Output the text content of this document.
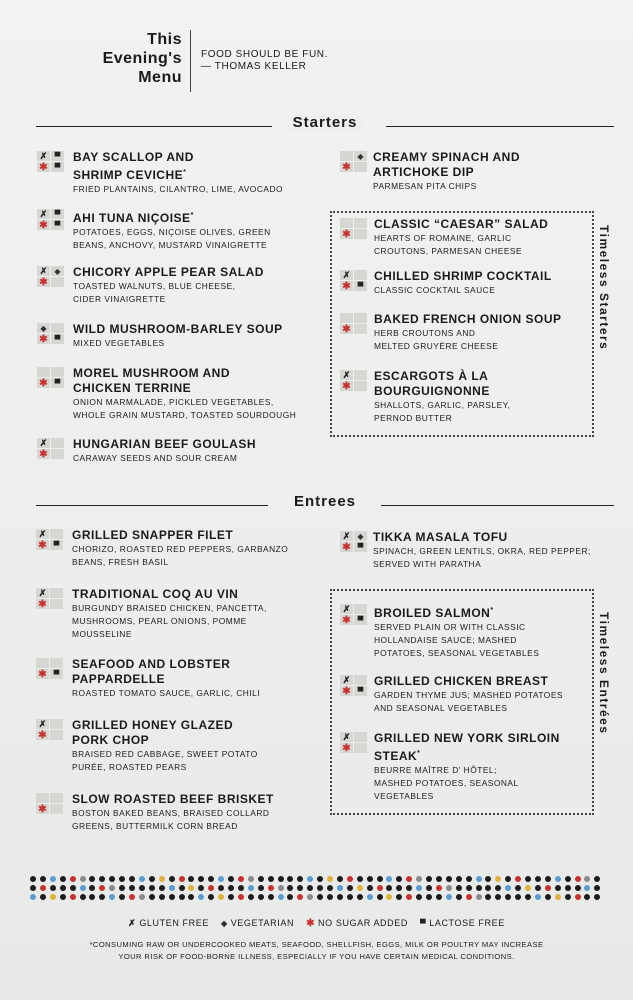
This
Evening's
Menu
FOOD SHOULD BE FUN.
— THOMAS KELLER
Starters
✗ ▀
✱ ▀
BAY SCALLOP AND
SHRIMP CEVICHE*
FRIED PLANTAINS, CILANTRO, LIME, AVOCADO
✗ ▀
✱ ▀
AHI TUNA NIÇOISE*
POTATOES, EGGS, NIÇOISE OLIVES, GREEN
BEANS, ANCHOVY, MUSTARD VINAIGRETTE
✗ ◆
✱
CHICORY APPLE PEAR SALAD
TOASTED WALNUTS, BLUE CHEESE,
CIDER VINAIGRETTE
◆
✱ ▀
WILD MUSHROOM-BARLEY SOUP
MIXED VEGETABLES
✱ ▀
MOREL MUSHROOM AND
CHICKEN TERRINE
ONION MARMALADE, PICKLED VEGETABLES,
WHOLE GRAIN MUSTARD, TOASTED SOURDOUGH
✗
✱
HUNGARIAN BEEF GOULASH
CARAWAY SEEDS AND SOUR CREAM
◆
✱
CREAMY SPINACH AND
ARTICHOKE DIP
PARMESAN PITA CHIPS
Timeless Starters
✱
CLASSIC “CAESAR” SALAD
HEARTS OF ROMAINE, GARLIC
CROUTONS, PARMESAN CHEESE
✗
✱ ▀
CHILLED SHRIMP COCKTAIL
CLASSIC COCKTAIL SAUCE
✱
BAKED FRENCH ONION SOUP
HERB CROUTONS AND
MELTED GRUYÈRE CHEESE
✗
✱
ESCARGOTS À LA
BOURGUIGNONNE
SHALLOTS, GARLIC, PARSLEY,
PERNOD BUTTER
Entrees
✗
✱ ▀
GRILLED SNAPPER FILET
CHORIZO, ROASTED RED PEPPERS, GARBANZO
BEANS, FRESH BASIL
✗
✱
TRADITIONAL COQ AU VIN
BURGUNDY BRAISED CHICKEN, PANCETTA,
MUSHROOMS, PEARL ONIONS, POMME
MOUSSELINE
✱ ▀
SEAFOOD AND LOBSTER
PAPPARDELLE
ROASTED TOMATO SAUCE, GARLIC, CHILI
✗
✱
GRILLED HONEY GLAZED
PORK CHOP
BRAISED RED CABBAGE, SWEET POTATO
PURÉE, ROASTED PEARS
✱
SLOW ROASTED BEEF BRISKET
BOSTON BAKED BEANS, BRAISED COLLARD
GREENS, BUTTERMILK CORN BREAD
✗ ◆
✱ ▀
TIKKA MASALA TOFU
SPINACH, GREEN LENTILS, OKRA, RED PEPPER;
SERVED WITH PARATHA
Timeless Entrées
✗
✱ ▀
BROILED SALMON*
SERVED PLAIN OR WITH CLASSIC
HOLLANDAISE SAUCE; MASHED
POTATOES, SEASONAL VEGETABLES
✗
✱ ▀
GRILLED CHICKEN BREAST
GARDEN THYME JUS; MASHED POTATOES
AND SEASONAL VEGETABLES
✗
✱
GRILLED NEW YORK SIRLOIN
STEAK*
BEURRE MAÎTRE D' HÔTEL;
MASHED POTATOES, SEASONAL
VEGETABLES
✗ GLUTEN FREE ◆ VEGETARIAN ✱ NO SUGAR ADDED ▀ LACTOSE FREE
*CONSUMING RAW OR UNDERCOOKED MEATS, SEAFOOD, SHELLFISH, EGGS, MILK OR POULTRY MAY INCREASE
YOUR RISK OF FOOD-BORNE ILLNESS, ESPECIALLY IF YOU HAVE CERTAIN MEDICAL CONDITIONS.
